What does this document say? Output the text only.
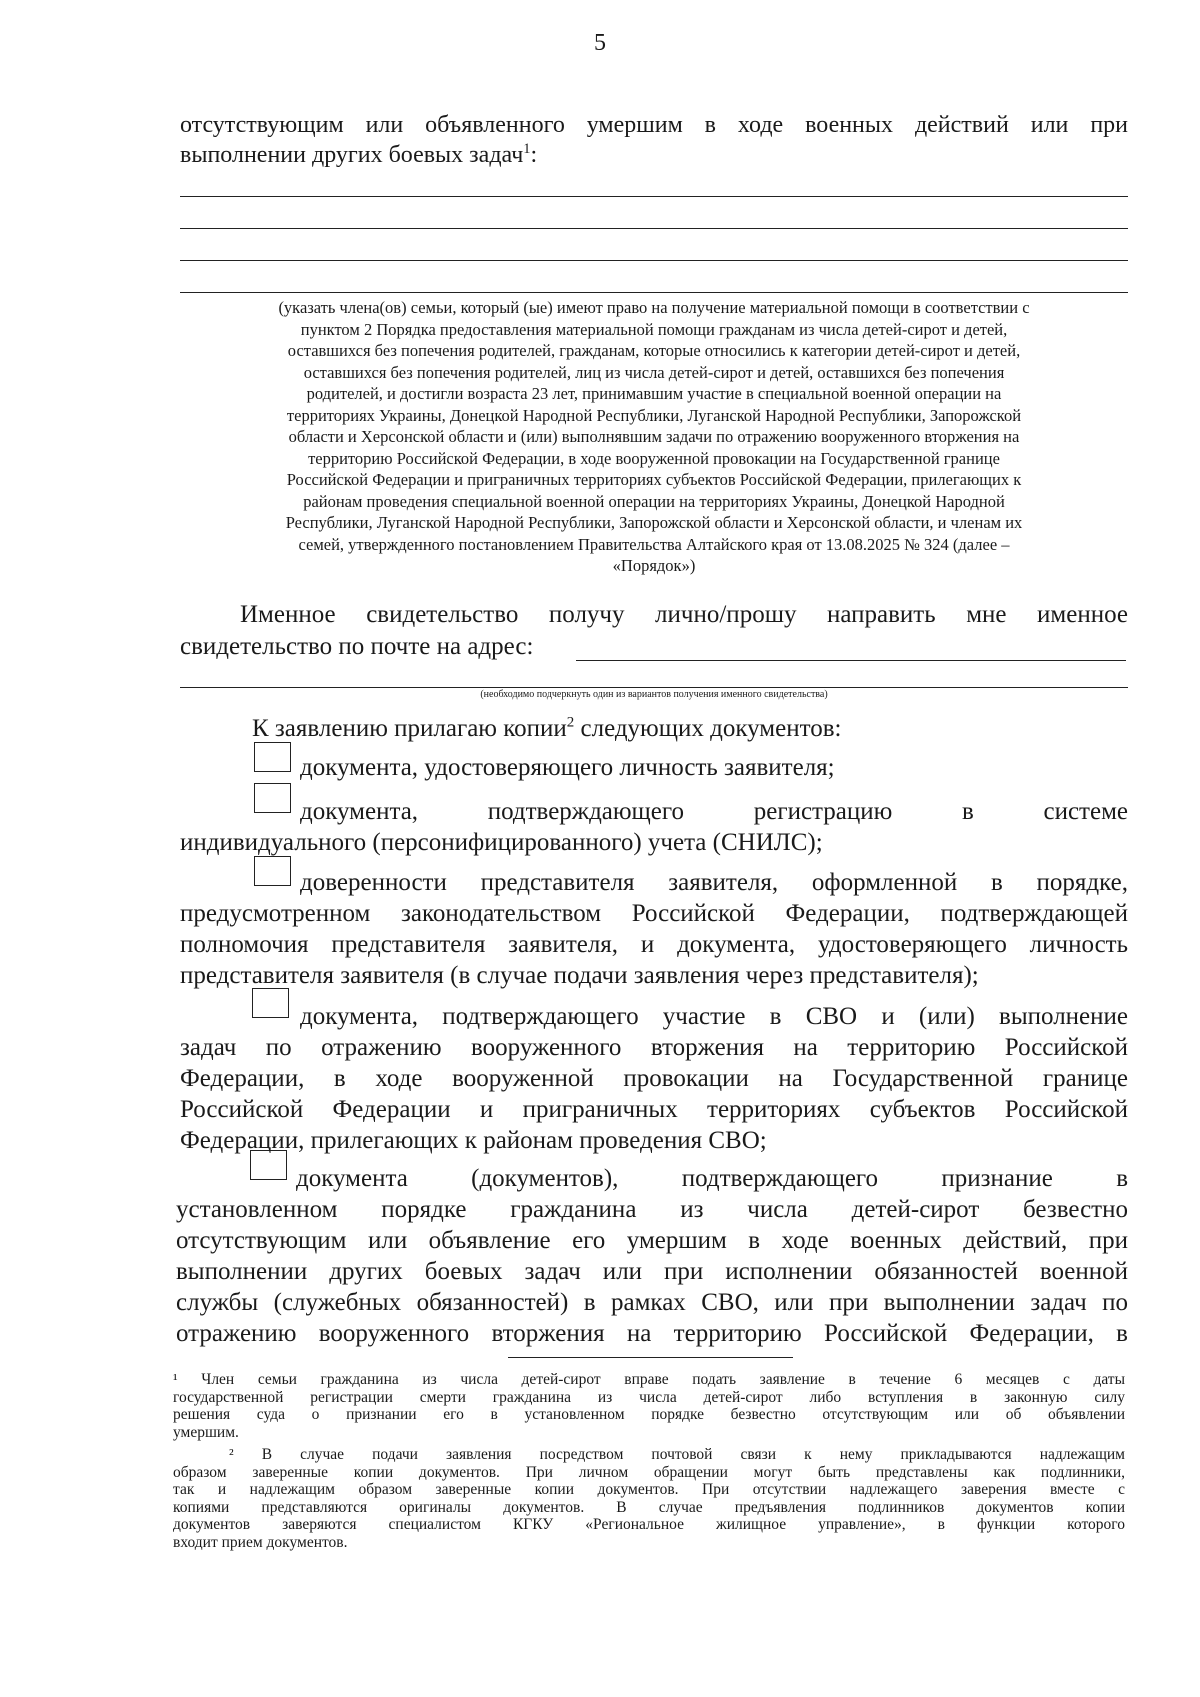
5
отсутствующим или объявленного умершим в ходе военных действий или при
выполнении других боевых задач$^1$:
(указать члена(ов) семьи, который (ые) имеют право на получение материальной помощи в соответствии с
пунктом 2 Порядка предоставления материальной помощи гражданам из числа детей-сирот и детей,
оставшихся без попечения родителей, гражданам, которые относились к категории детей-сирот и детей,
оставшихся без попечения родителей, лиц из числа детей-сирот и детей, оставшихся без попечения
родителей, и достигли возраста 23 лет, принимавшим участие в специальной военной операции на
территориях Украины, Донецкой Народной Республики, Луганской Народной Республики, Запорожской
области и Херсонской области и (или) выполнявшим задачи по отражению вооруженного вторжения на
территорию Российской Федерации, в ходе вооруженной провокации на Государственной границе
Российской Федерации и приграничных территориях субъектов Российской Федерации, прилегающих к
районам проведения специальной военной операции на территориях Украины, Донецкой Народной
Республики, Луганской Народной Республики, Запорожской области и Херсонской области, и членам их
семей, утвержденного постановлением Правительства Алтайского края от 13.08.2025 № 324 (далее –
«Порядок»)
Именное свидетельство получу лично/прошу направить мне именное
свидетельство по почте на адрес:
(необходимо подчеркнуть один из вариантов получения именного свидетельства)
К заявлению прилагаю копии$^2$ следующих документов:
документа, удостоверяющего личность заявителя;
документа, подтверждающего регистрацию в системе
индивидуального (персонифицированного) учета (СНИЛС);
доверенности представителя заявителя, оформленной в порядке,
предусмотренном законодательством Российской Федерации, подтверждающей
полномочия представителя заявителя, и документа, удостоверяющего личность
представителя заявителя (в случае подачи заявления через представителя);
документа, подтверждающего участие в СВО и (или) выполнение
задач по отражению вооруженного вторжения на территорию Российской
Федерации, в ходе вооруженной провокации на Государственной границе
Российской Федерации и приграничных территориях субъектов Российской
Федерации, прилегающих к районам проведения СВО;
документа (документов), подтверждающего признание в
установленном порядке гражданина из числа детей-сирот безвестно
отсутствующим или объявление его умершим в ходе военных действий, при
выполнении других боевых задач или при исполнении обязанностей военной
службы (служебных обязанностей) в рамках СВО, или при выполнении задач по
отражению вооруженного вторжения на территорию Российской Федерации, в
¹ Член семьи гражданина из числа детей-сирот вправе подать заявление в течение 6 месяцев с даты
государственной регистрации смерти гражданина из числа детей-сирот либо вступления в законную силу
решения суда о признании его в установленном порядке безвестно отсутствующим или об объявлении
умершим.
² В случае подачи заявления посредством почтовой связи к нему прикладываются надлежащим
образом заверенные копии документов. При личном обращении могут быть представлены как подлинники,
так и надлежащим образом заверенные копии документов. При отсутствии надлежащего заверения вместе с
копиями представляются оригиналы документов. В случае предъявления подлинников документов копии
документов заверяются специалистом КГКУ «Региональное жилищное управление», в функции которого
входит прием документов.
